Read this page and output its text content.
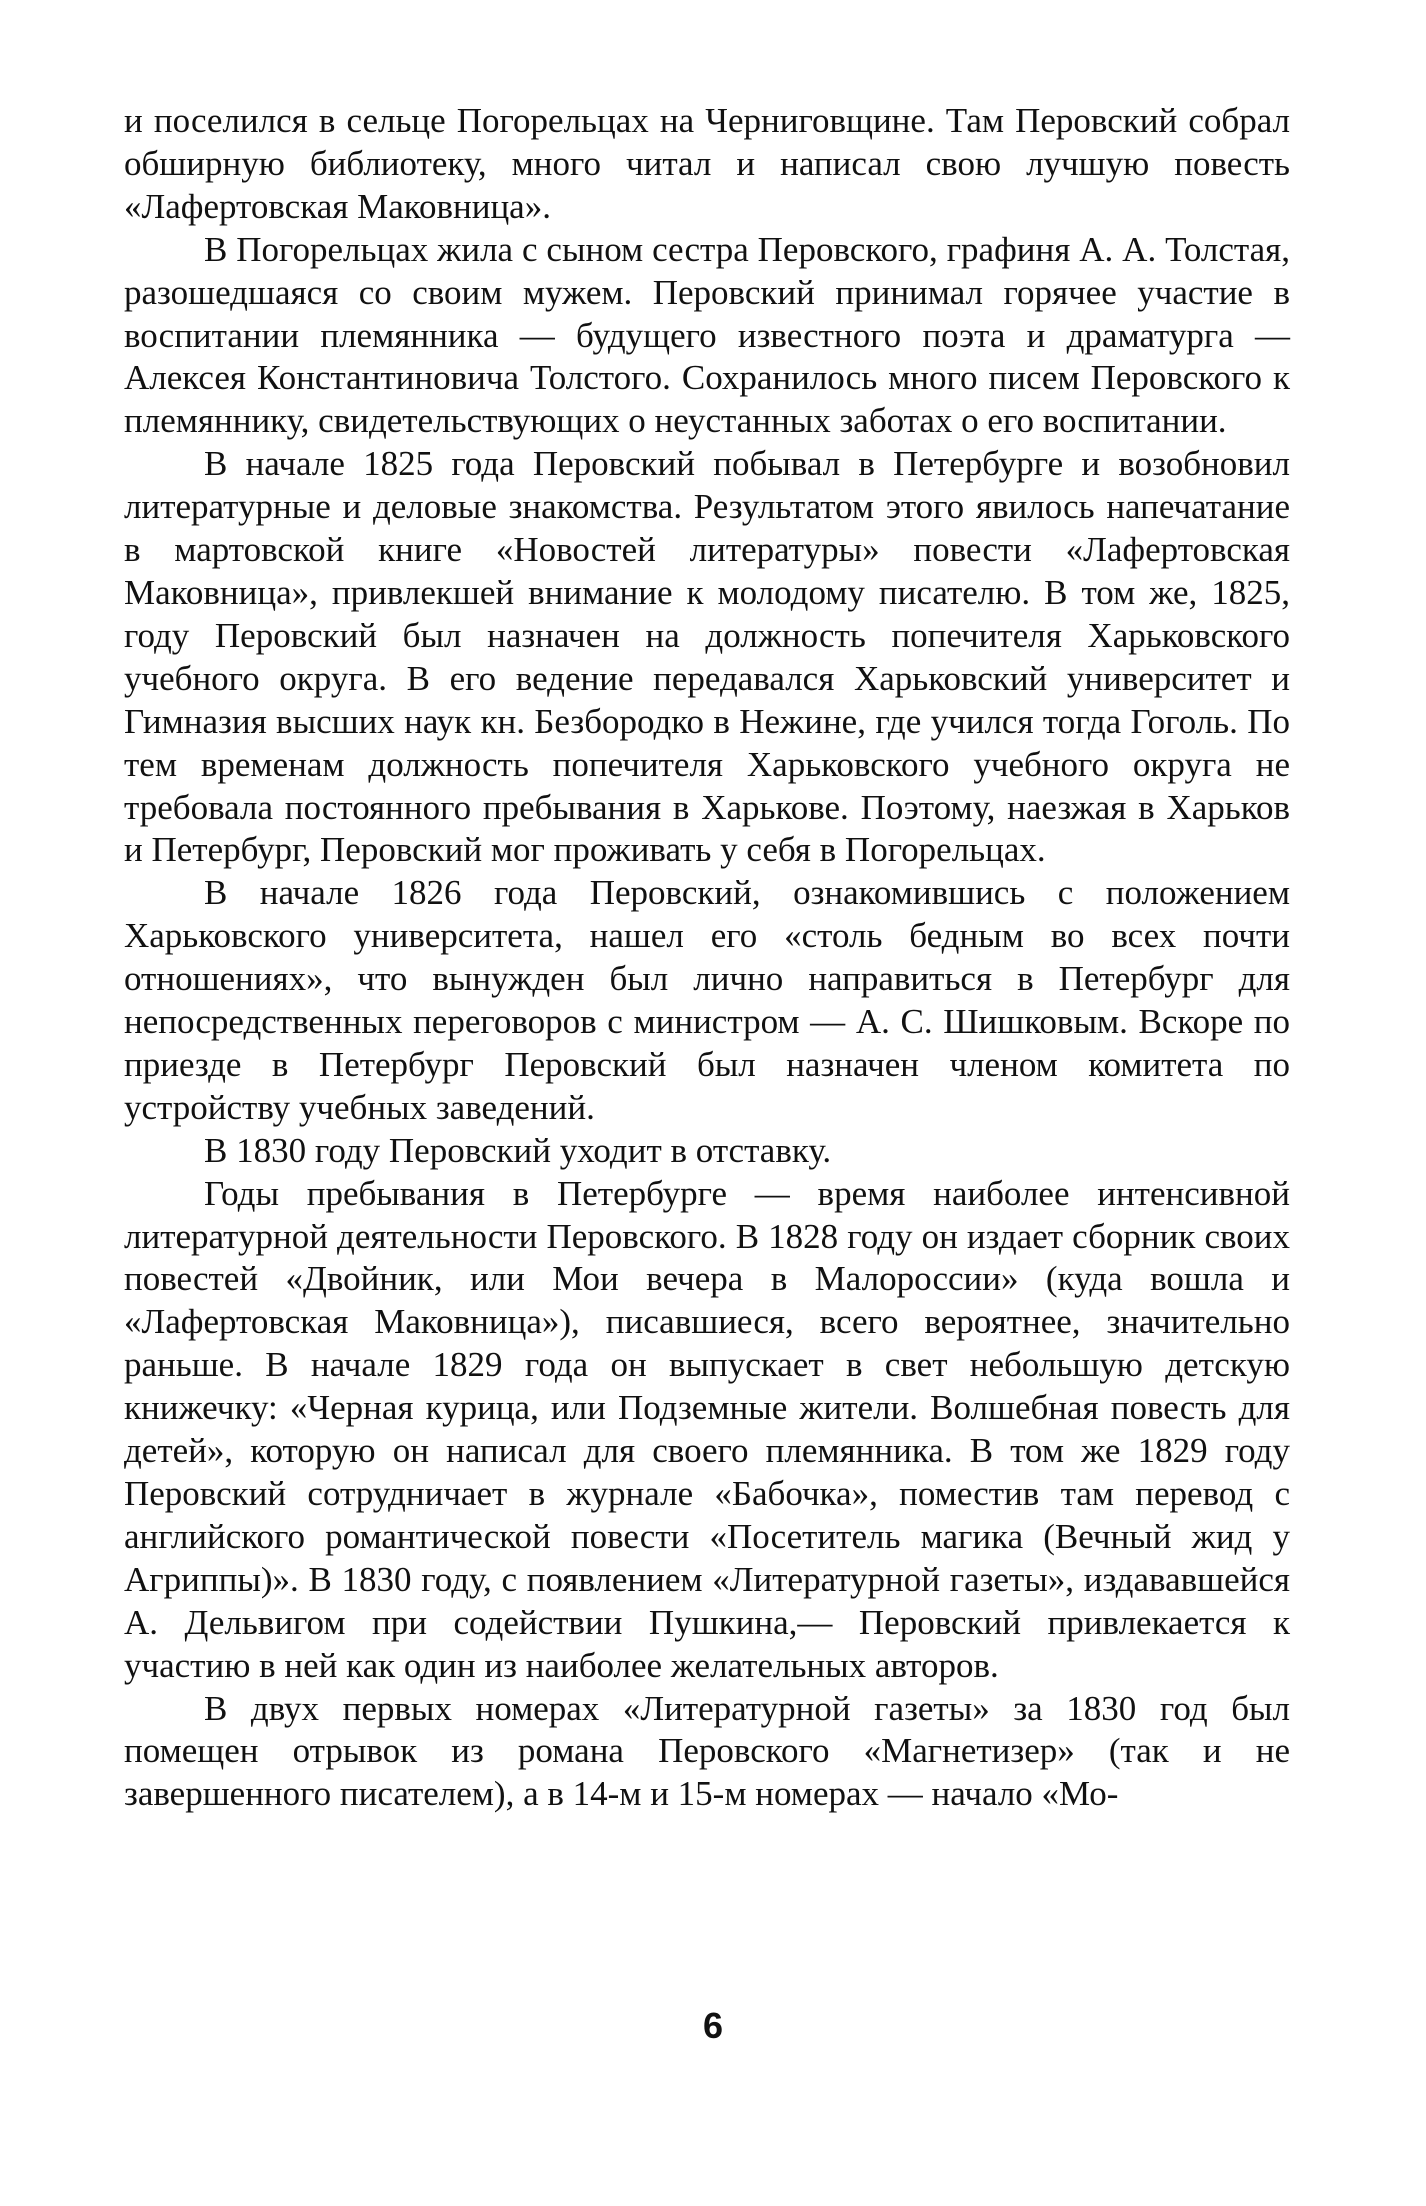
и поселился в сельце Погорельцах на Черниговщине. Там Перовский собрал обширную библиотеку, много читал и написал свою лучшую повесть «Лафертовская Маковница».

В Погорельцах жила с сыном сестра Перовского, графиня А. А. Толстая, разошедшаяся со своим мужем. Перовский принимал горячее участие в воспитании племянника — будущего известного поэта и драматурга — Алексея Константиновича Толстого. Сохранилось много писем Перовского к племяннику, свидетельствующих о неустанных заботах о его воспитании.

В начале 1825 года Перовский побывал в Петербурге и возобновил литературные и деловые знакомства. Результатом этого явилось напечатание в мартовской книге «Новостей литературы» повести «Лафертовская Маковница», привлекшей внимание к молодому писателю. В том же, 1825, году Перовский был назначен на должность попечителя Харьковского учебного округа. В его ведение передавался Харьковский университет и Гимназия высших наук кн. Безбородко в Нежине, где учился тогда Гоголь. По тем временам должность попечителя Харьковского учебного округа не требовала постоянного пребывания в Харькове. Поэтому, наезжая в Харьков и Петербург, Перовский мог проживать у себя в Погорельцах.

В начале 1826 года Перовский, ознакомившись с положением Харьковского университета, нашел его «столь бедным во всех почти отношениях», что вынужден был лично направиться в Петербург для непосредственных переговоров с министром — А. С. Шишковым. Вскоре по приезде в Петербург Перовский был назначен членом комитета по устройству учебных заведений.

В 1830 году Перовский уходит в отставку.

Годы пребывания в Петербурге — время наиболее интенсивной литературной деятельности Перовского. В 1828 году он издает сборник своих повестей «Двойник, или Мои вечера в Малороссии» (куда вошла и «Лафертовская Маковница»), писавшиеся, всего вероятнее, значительно раньше. В начале 1829 года он выпускает в свет небольшую детскую книжечку: «Черная курица, или Подземные жители. Волшебная повесть для детей», которую он написал для своего племянника. В том же 1829 году Перовский сотрудничает в журнале «Бабочка», поместив там перевод с английского романтической повести «Посетитель магика (Вечный жид у Агриппы)». В 1830 году, с появлением «Литературной газеты», издававшейся А. Дельвигом при содействии Пушкина,— Перовский привлекается к участию в ней как один из наиболее желательных авторов.

В двух первых номерах «Литературной газеты» за 1830 год был помещен отрывок из романа Перовского «Магнетизер» (так и не завершенного писателем), а в 14-м и 15-м номерах — начало «Мо-

6
